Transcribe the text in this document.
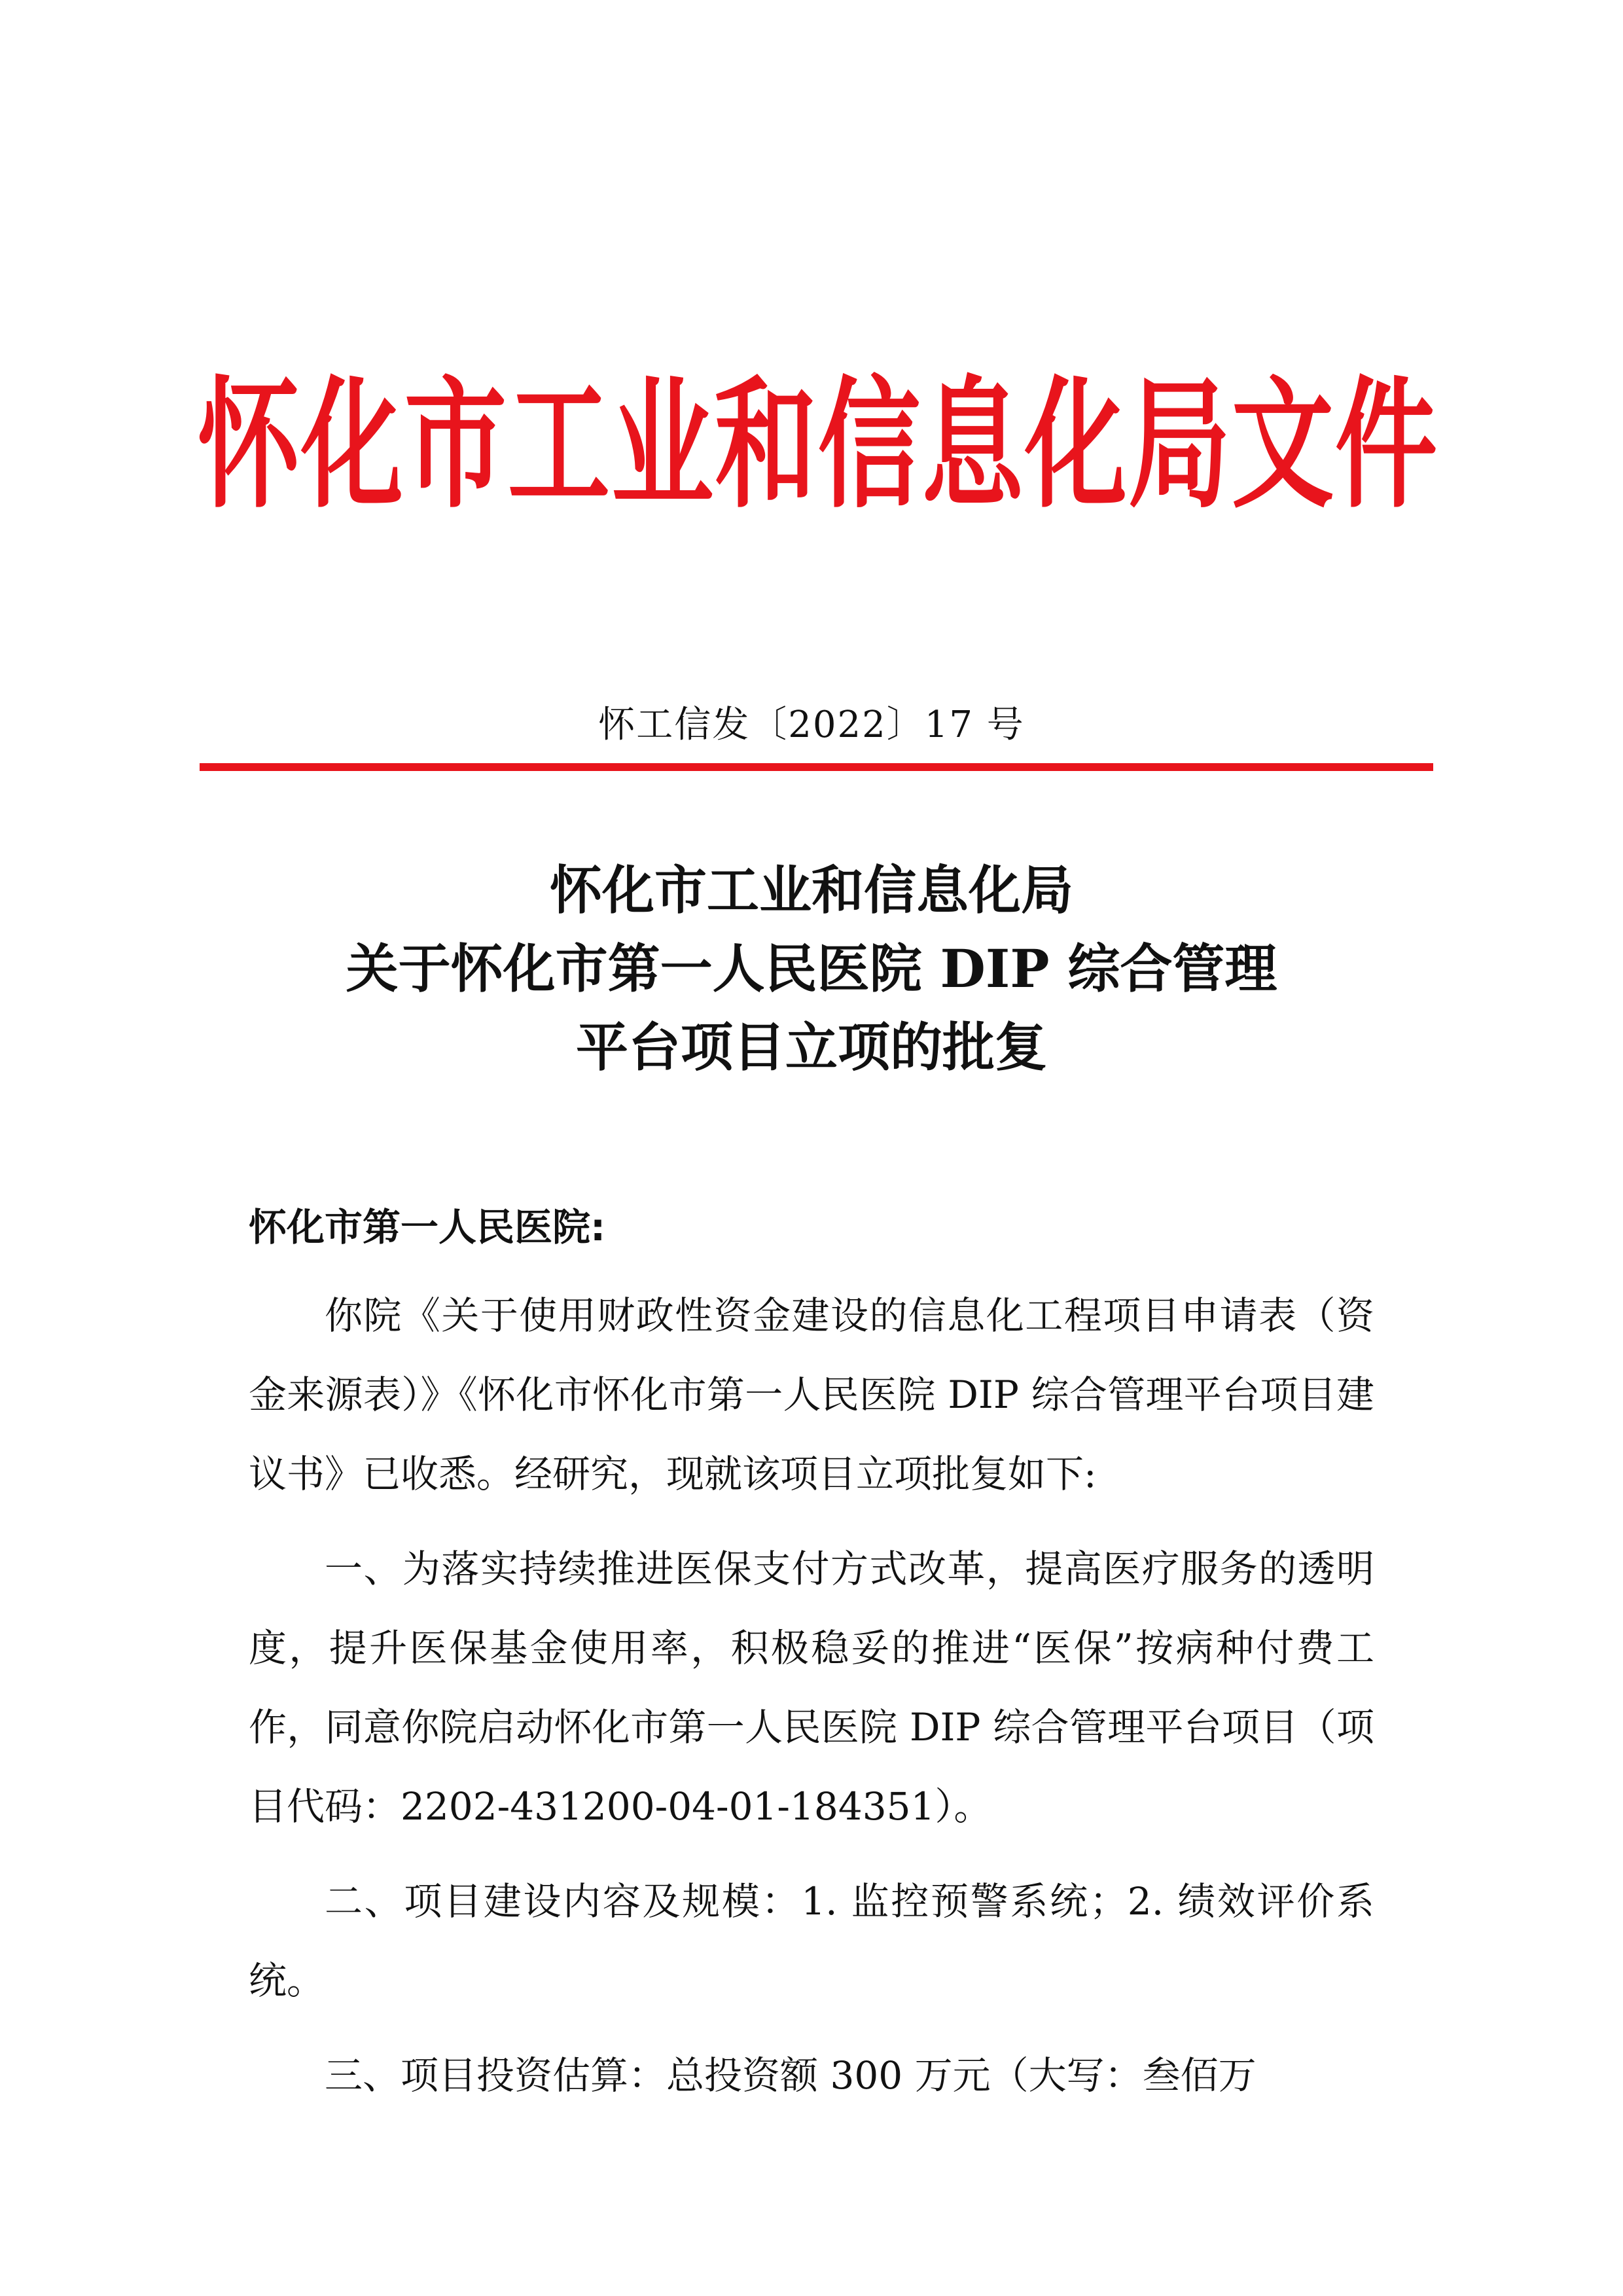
怀化市工业和信息化局文件
怀工信发〔2022〕17 号
怀化市工业和信息化局
关于怀化市第一人民医院 DIP 综合管理
平台项目立项的批复

怀化市第一人民医院:

你院《关于使用财政性资金建设的信息化工程项目申请表（资金来源表）》《怀化市怀化市第一人民医院 DIP 综合管理平台项目建议书》已收悉。经研究，现就该项目立项批复如下:

一、为落实持续推进医保支付方式改革，提高医疗服务的透明度，提升医保基金使用率，积极稳妥的推进“医保”按病种付费工作，同意你院启动怀化市第一人民医院 DIP 综合管理平台项目（项目代码：2202-431200-04-01-184351）。

二、项目建设内容及规模：1. 监控预警系统；2. 绩效评价系统。

三、项目投资估算：总投资额 300 万元（大写：叁佰万
